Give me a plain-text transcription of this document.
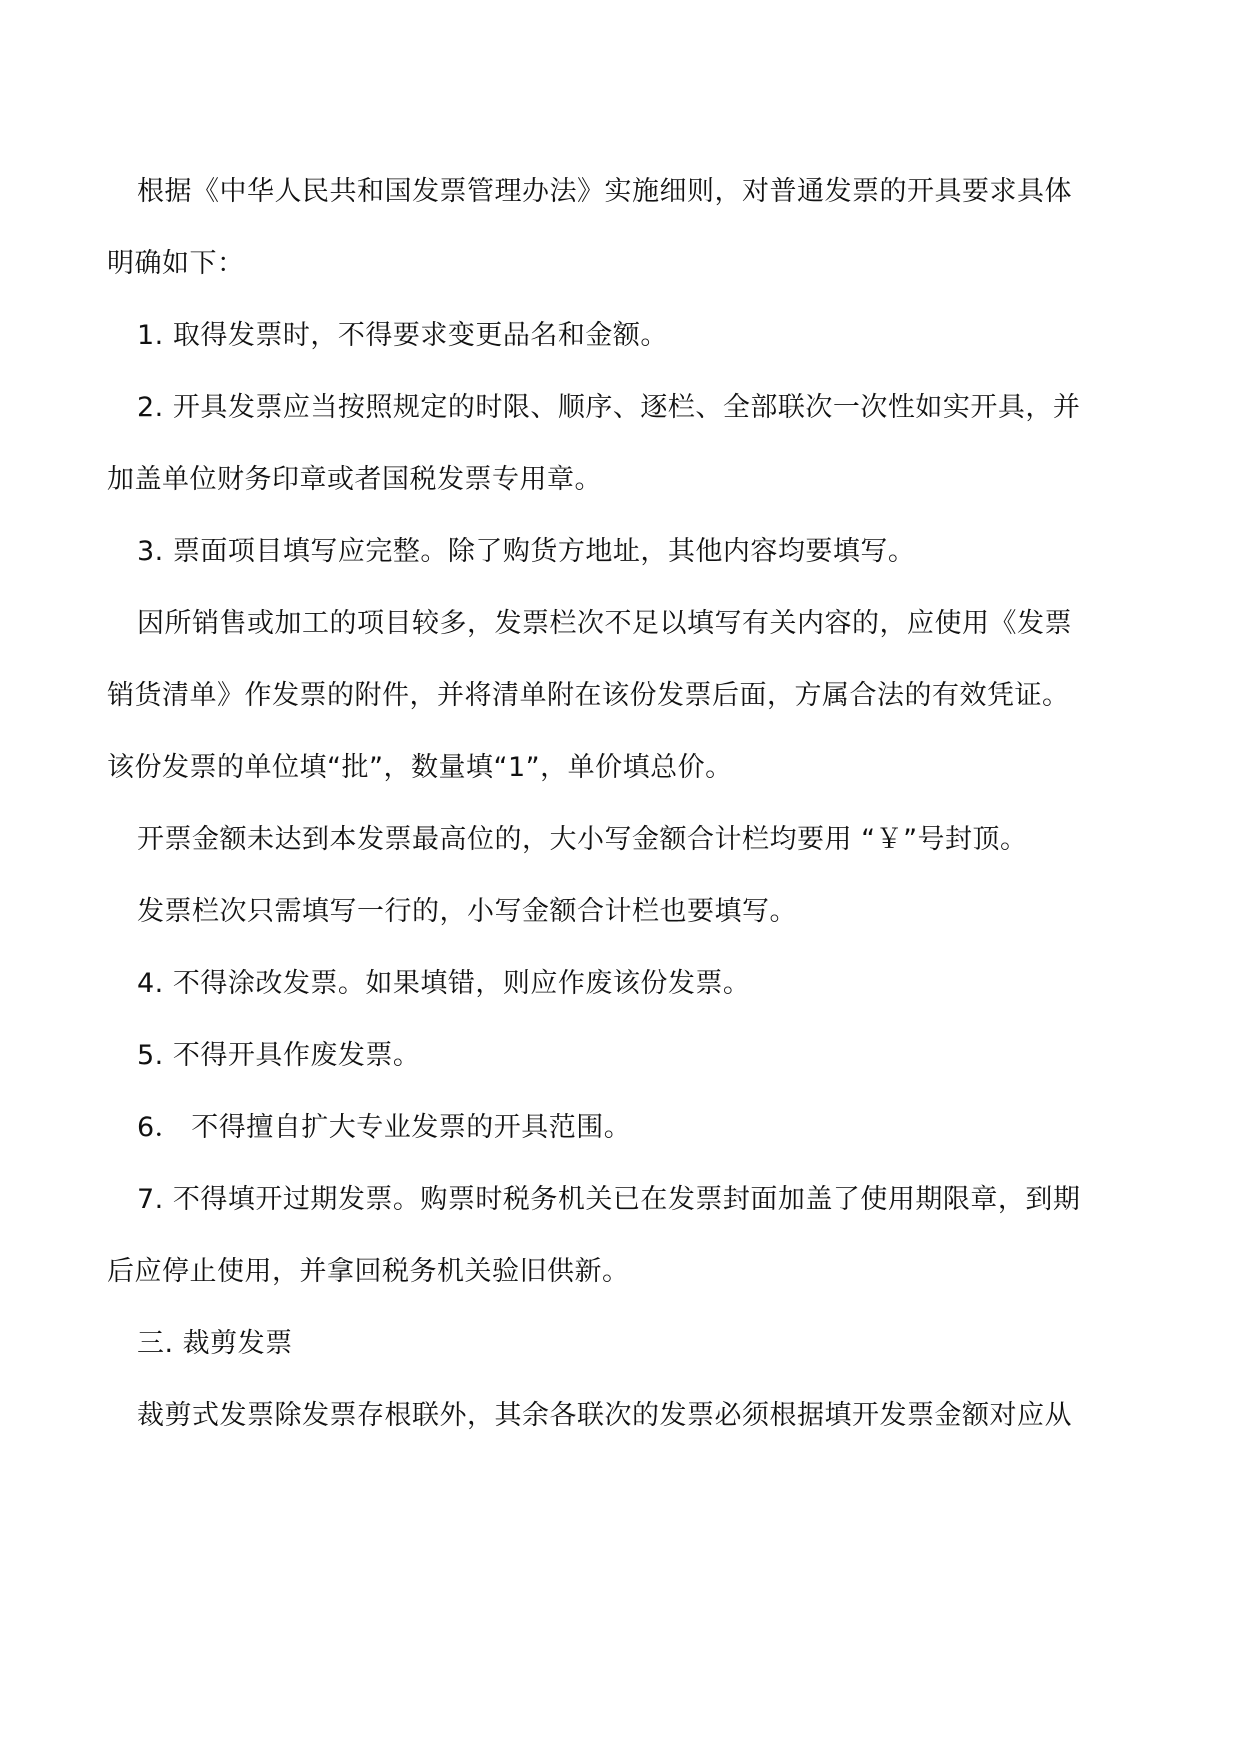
根据《中华人民共和国发票管理办法》实施细则，对普通发票的开具要求具体
明确如下：
1. 取得发票时，不得要求变更品名和金额。
2. 开具发票应当按照规定的时限、顺序、逐栏、全部联次一次性如实开具，并
加盖单位财务印章或者国税发票专用章。
3. 票面项目填写应完整。除了购货方地址，其他内容均要填写。
因所销售或加工的项目较多，发票栏次不足以填写有关内容的，应使用《发票
销货清单》作发票的附件，并将清单附在该份发票后面，方属合法的有效凭证。
该份发票的单位填“批”，数量填“1”，单价填总价。
开票金额未达到本发票最高位的，大小写金额合计栏均要用 “￥”号封顶。
发票栏次只需填写一行的，小写金额合计栏也要填写。
4. 不得涂改发票。如果填错，则应作废该份发票。
5. 不得开具作废发票。
6． 不得擅自扩大专业发票的开具范围。
7. 不得填开过期发票。购票时税务机关已在发票封面加盖了使用期限章，到期
后应停止使用，并拿回税务机关验旧供新。
三. 裁剪发票
裁剪式发票除发票存根联外，其余各联次的发票必须根据填开发票金额对应从
